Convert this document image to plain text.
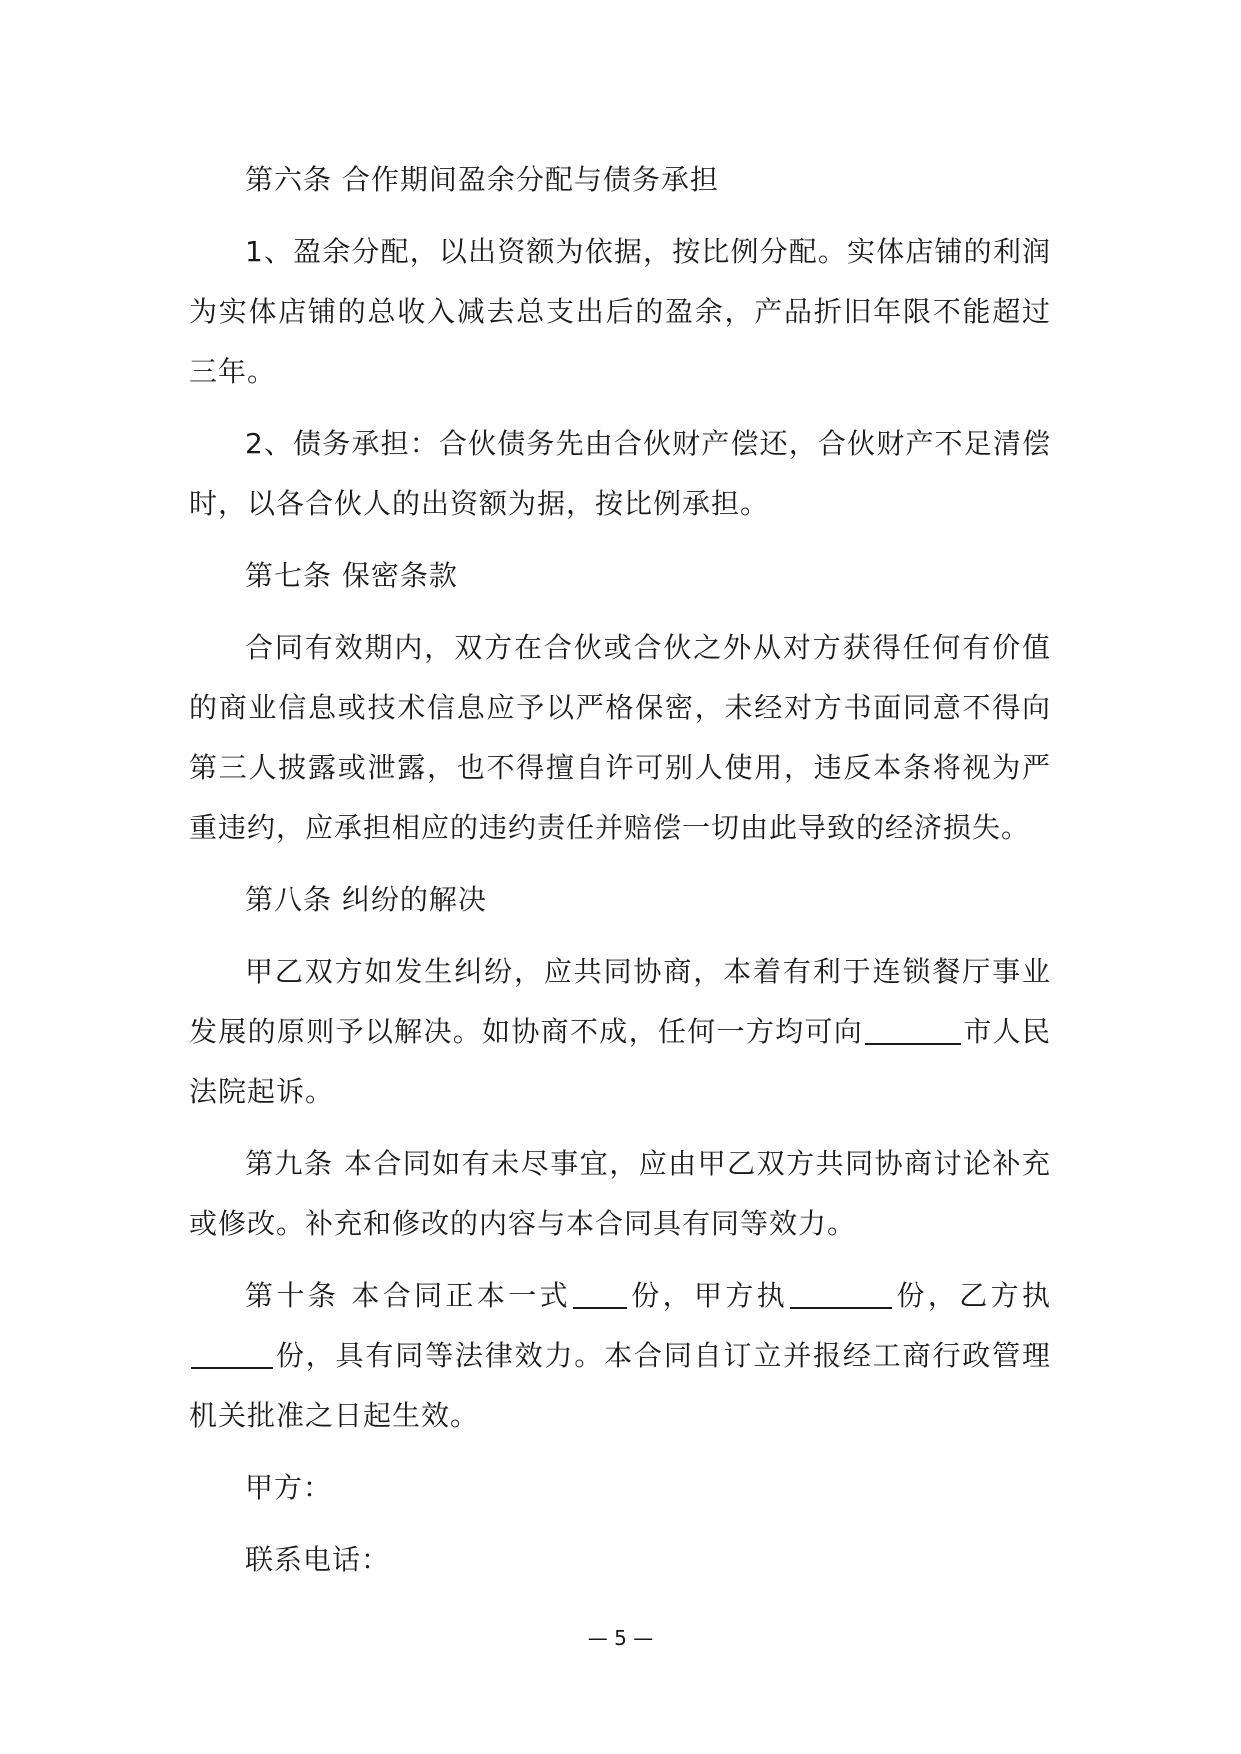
第六条 合作期间盈余分配与债务承担

1、盈余分配，以出资额为依据，按比例分配。实体店铺的利润为实体店铺的总收入减去总支出后的盈余，产品折旧年限不能超过三年。

2、债务承担：合伙债务先由合伙财产偿还，合伙财产不足清偿时，以各合伙人的出资额为据，按比例承担。

第七条 保密条款

合同有效期内，双方在合伙或合伙之外从对方获得任何有价值的商业信息或技术信息应予以严格保密，未经对方书面同意不得向第三人披露或泄露，也不得擅自许可别人使用，违反本条将视为严重违约，应承担相应的违约责任并赔偿一切由此导致的经济损失。

第八条 纠纷的解决

甲乙双方如发生纠纷，应共同协商，本着有利于连锁餐厅事业发展的原则予以解决。如协商不成，任何一方均可向	市人民法院起诉。

第九条 本合同如有未尽事宜，应由甲乙双方共同协商讨论补充或修改。补充和修改的内容与本合同具有同等效力。

第十条 本合同正本一式 份，甲方执	份，乙方执份，具有同等法律效力。本合同自订立并报经工商行政管理机关批准之日起生效。

甲方：

联系电话：

— 5 —
